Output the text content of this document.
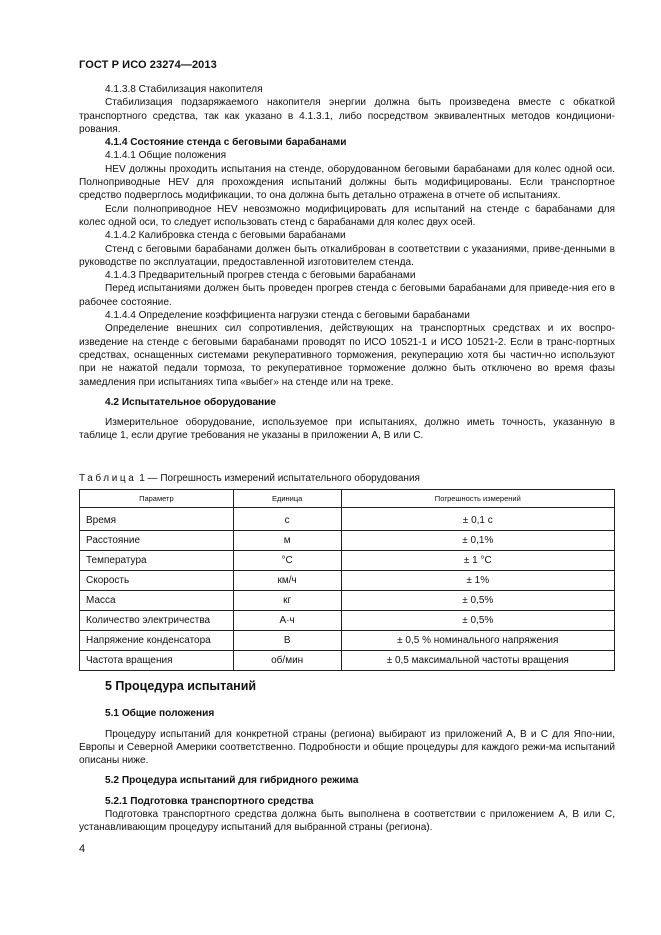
ГОСТ Р ИСО 23274—2013

4.1.3.8 Стабилизация накопителя

Стабилизация подзаряжаемого накопителя энергии должна быть произведена вместе с обкаткой транспортного средства, так как указано в 4.1.3.1, либо посредством эквивалентных методов кондициони-рования.

4.1.4 Состояние стенда с беговыми барабанами

4.1.4.1 Общие положения

HEV должны проходить испытания на стенде, оборудованном беговыми барабанами для колес одной оси. Полноприводные HEV для прохождения испытаний должны быть модифицированы. Если транспортное средство подверглось модификации, то она должна быть детально отражена в отчете об испытаниях.

Если полноприводное HEV невозможно модифицировать для испытаний на стенде с барабанами для колес одной оси, то следует использовать стенд с барабанами для колес двух осей.

4.1.4.2 Калибровка стенда с беговыми барабанами

Стенд с беговыми барабанами должен быть откалиброван в соответствии с указаниями, приве-денными в руководстве по эксплуатации, предоставленной изготовителем стенда.

4.1.4.3 Предварительный прогрев стенда с беговыми барабанами

Перед испытаниями должен быть проведен прогрев стенда с беговыми барабанами для приведе-ния его в рабочее состояние.

4.1.4.4 Определение коэффициента нагрузки стенда с беговыми барабанами

Определение внешних сил сопротивления, действующих на транспортных средствах и их воспро-изведение на стенде с беговыми барабанами проводят по ИСО 10521-1 и ИСО 10521-2. Если в транс-портных средствах, оснащенных системами рекуперативного торможения, рекуперацию хотя бы частич-но используют при не нажатой педали тормоза, то рекуперативное торможение должно быть отключено во время фазы замедления при испытаниях типа «выбег» на стенде или на треке.

4.2 Испытательное оборудование

Измерительное оборудование, используемое при испытаниях, должно иметь точность, указанную в таблице 1, если другие требования не указаны в приложении А, В или С.

Таблица 1 — Погрешность измерений испытательного оборудования
Параметр	Единица	Погрешность измерений
Время	с	± 0,1 с
Расстояние	м	± 0,1%
Температура	°С	± 1 °С
Скорость	км/ч	± 1%
Масса	кг	± 0,5%
Количество электричества	А·ч	± 0,5%
Напряжение конденсатора	В	± 0,5 % номинального напряжения
Частота вращения	об/мин	± 0,5 максимальной частоты вращения

5 Процедура испытаний

5.1 Общие положения

Процедуру испытаний для конкретной страны (региона) выбирают из приложений А, В и С для Япо-нии, Европы и Северной Америки соответственно. Подробности и общие процедуры для каждого режи-ма испытаний описаны ниже.

5.2 Процедура испытаний для гибридного режима

5.2.1 Подготовка транспортного средства

Подготовка транспортного средства должна быть выполнена в соответствии с приложением А, В или С, устанавливающим процедуру испытаний для выбранной страны (региона).

4
